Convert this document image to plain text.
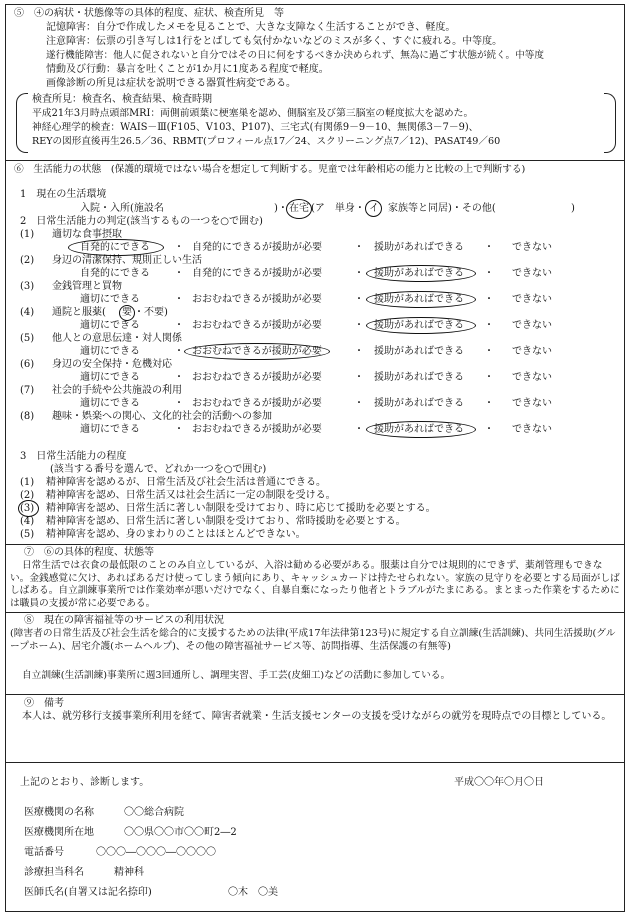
⑤　④の病状・状態像等の具体的程度、症状、検査所見　等
記憶障害：自分で作成したメモを見ることで、大きな支障なく生活することができ、軽度。
注意障害：伝票の引き写しは1行をとばしても気付かないなどのミスが多く、すぐに疲れる。中等度。
遂行機能障害：他人に促されないと自分ではその日に何をするべきか決められず、無為に過ごす状態が続く。中等度
情動及び行動：暴言を吐くことが1か月に1度ある程度で軽度。
画像診断の所見は症状を説明できる器質性病変である。
検査所見：検査名、検査結果、検査時期
平成21年3月時点頭部MRI：両側前頭葉に梗塞巣を認め、側脳室及び第三脳室の軽度拡大を認めた。
神経心理学的検査：WAIS－Ⅲ(F105、V103、P107)、三宅式(有関係9－9－10、無関係3－7－9)、
REYの図形直後再生26.5／36、RBMT(プロフィール点17／24、スクリーニング点7／12)、PASAT49／60
⑥　生活能力の状態　(保護的環境ではない場合を想定して判断する。児童では年齢相応の能力と比較の上で判断する)
1　現在の生活環境
入院・入所(施設名	)・ 在宅 (ア　単身・ イ 家族等と同居)・その他(	)
2　日常生活能力の判定(該当するもの一つを○で囲む)
(1) 適切な食事摂取
自発的にできる ・ 自発的にできるが援助が必要	・ 援助があればできる ・ できない
(2) 身辺の清潔保持、規則正しい生活
自発的にできる ・ 自発的にできるが援助が必要	・ 援助があればできる ・ できない
(3) 金銭管理と買物
適切にできる	・ おおむねできるが援助が必要	・ 援助があればできる ・ できない
(4) 通院と服薬( 要 ・不要)
適切にできる	・ おおむねできるが援助が必要	・ 援助があればできる ・ できない
(5) 他人との意思伝達・対人関係
適切にできる	・ おおむねできるが援助が必要	・ 援助があればできる ・ できない
(6) 身辺の安全保持・危機対応
適切にできる	・ おおむねできるが援助が必要	・ 援助があればできる ・ できない
(7) 社会的手続や公共施設の利用
適切にできる	・ おおむねできるが援助が必要	・ 援助があればできる ・ できない
(8) 趣味・娯楽への関心、文化的社会的活動への参加
適切にできる	・ おおむねできるが援助が必要	・ 援助があればできる ・ できない
3　日常生活能力の程度
(該当する番号を選んで、どれか一つを○で囲む)
(1) 精神障害を認めるが、日常生活及び社会生活は普通にできる。
(2) 精神障害を認め、日常生活又は社会生活に一定の制限を受ける。
(3) 精神障害を認め、日常生活に著しい制限を受けており、時に応じて援助を必要とする。
(4) 精神障害を認め、日常生活に著しい制限を受けており、常時援助を必要とする。
(5) 精神障害を認め、身のまわりのことはほとんどできない。
⑦　⑥の具体的程度、状態等
日常生活では衣食の最低限のことのみ自立しているが、入浴は勧める必要がある。服薬は自分では規則的にできず、薬剤管理もできない。金銭感覚に欠け、あればあるだけ使ってしまう傾向にあり、キャッシュカードは持たせられない。家族の見守りを必要とする局面がしばしばある。自立訓練事業所では作業効率が悪いだけでなく、自暴自棄になったり他者とトラブルがたまにある。まとまった作業をするためには職員の支援が常に必要である。
⑧　現在の障害福祉等のサービスの利用状況
(障害者の日常生活及び社会生活を総合的に支援するための法律(平成17年法律第123号)に規定する自立訓練(生活訓練)、共同生活援助(グループホーム)、居宅介護(ホームヘルプ)、その他の障害福祉サービス等、訪問指導、生活保護の有無等)
自立訓練(生活訓練)事業所に週3回通所し、調理実習、手工芸(皮細工)などの活動に参加している。
⑨　備考
本人は、就労移行支援事業所利用を経て、障害者就業・生活支援センターの支援を受けながらの就労を現時点での目標としている。
上記のとおり、診断します。	平成〇〇年〇月〇日
医療機関の名称	〇〇総合病院
医療機関所在地	〇〇県〇〇市〇〇町2―2
電話番号	〇〇〇―〇〇〇―〇〇〇〇
診療担当科名	精神科
医師氏名(自署又は記名捺印)	〇木　〇美
